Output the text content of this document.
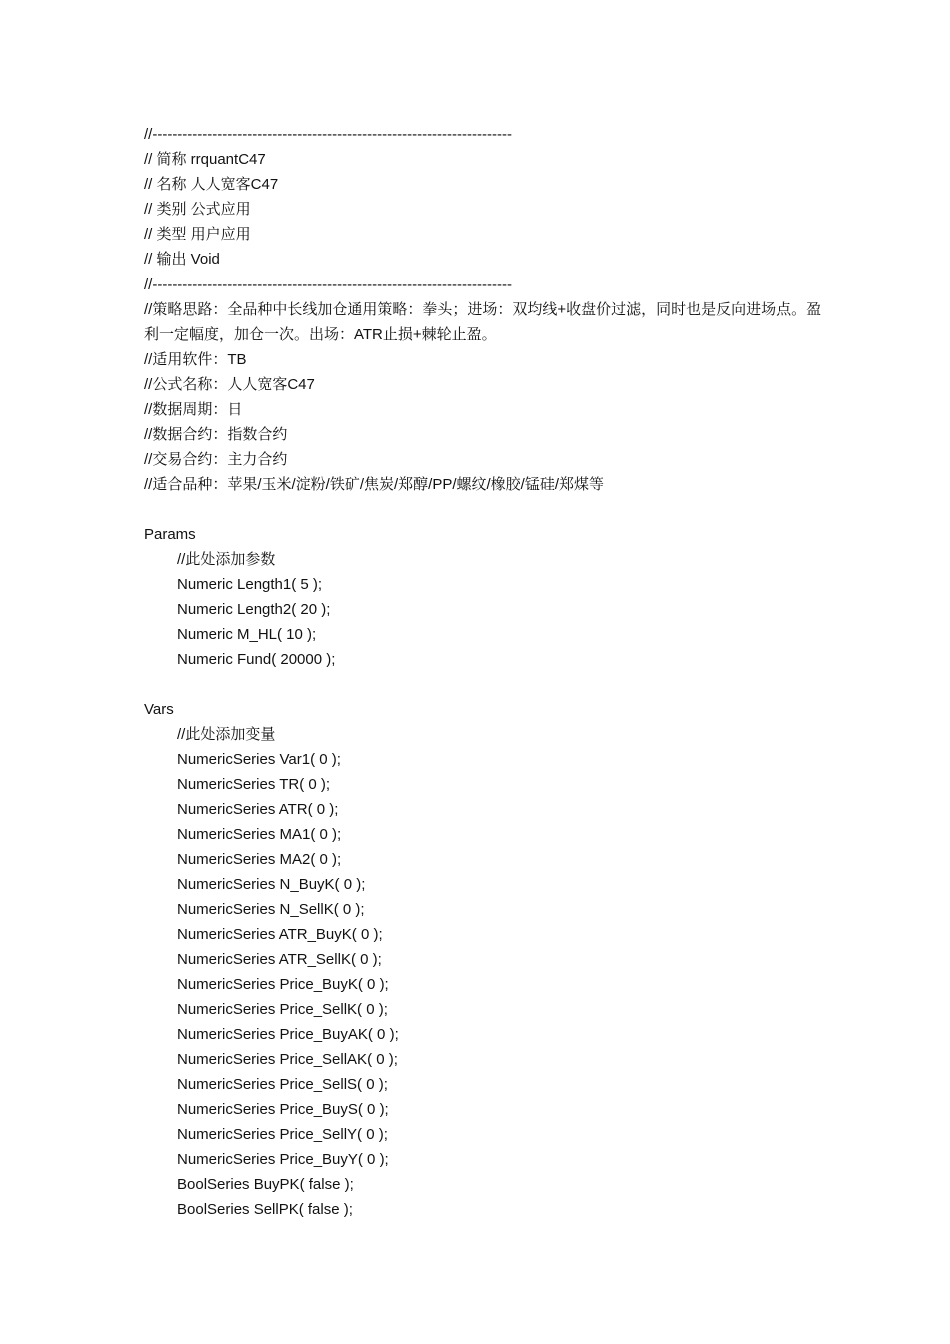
//------------------------------------------------------------------------
// 简称 rrquantC47
// 名称 人人宽客C47
// 类别 公式应用
// 类型 用户应用
// 输出 Void
//------------------------------------------------------------------------
//策略思路：全品种中长线加仓通用策略：拳头；进场：双均线+收盘价过滤，同时也是反向进场点。盈利一定幅度，加仓一次。出场：ATR止损+棘轮止盈。
//适用软件：TB
//公式名称：人人宽客C47
//数据周期：日
//数据合约：指数合约
//交易合约：主力合约
//适合品种：苹果/玉米/淀粉/铁矿/焦炭/郑醇/PP/螺纹/橡胶/锰硅/郑煤等
Params
//此处添加参数
Numeric Length1( 5 );
Numeric Length2( 20 );
Numeric M_HL( 10 );
Numeric Fund( 20000 );
Vars
//此处添加变量
NumericSeries Var1( 0 );
NumericSeries TR( 0 );
NumericSeries ATR( 0 );
NumericSeries MA1( 0 );
NumericSeries MA2( 0 );
NumericSeries N_BuyK( 0 );
NumericSeries N_SellK( 0 );
NumericSeries ATR_BuyK( 0 );
NumericSeries ATR_SellK( 0 );
NumericSeries Price_BuyK( 0 );
NumericSeries Price_SellK( 0 );
NumericSeries Price_BuyAK( 0 );
NumericSeries Price_SellAK( 0 );
NumericSeries Price_SellS( 0 );
NumericSeries Price_BuyS( 0 );
NumericSeries Price_SellY( 0 );
NumericSeries Price_BuyY( 0 );
BoolSeries BuyPK( false );
BoolSeries SellPK( false );
